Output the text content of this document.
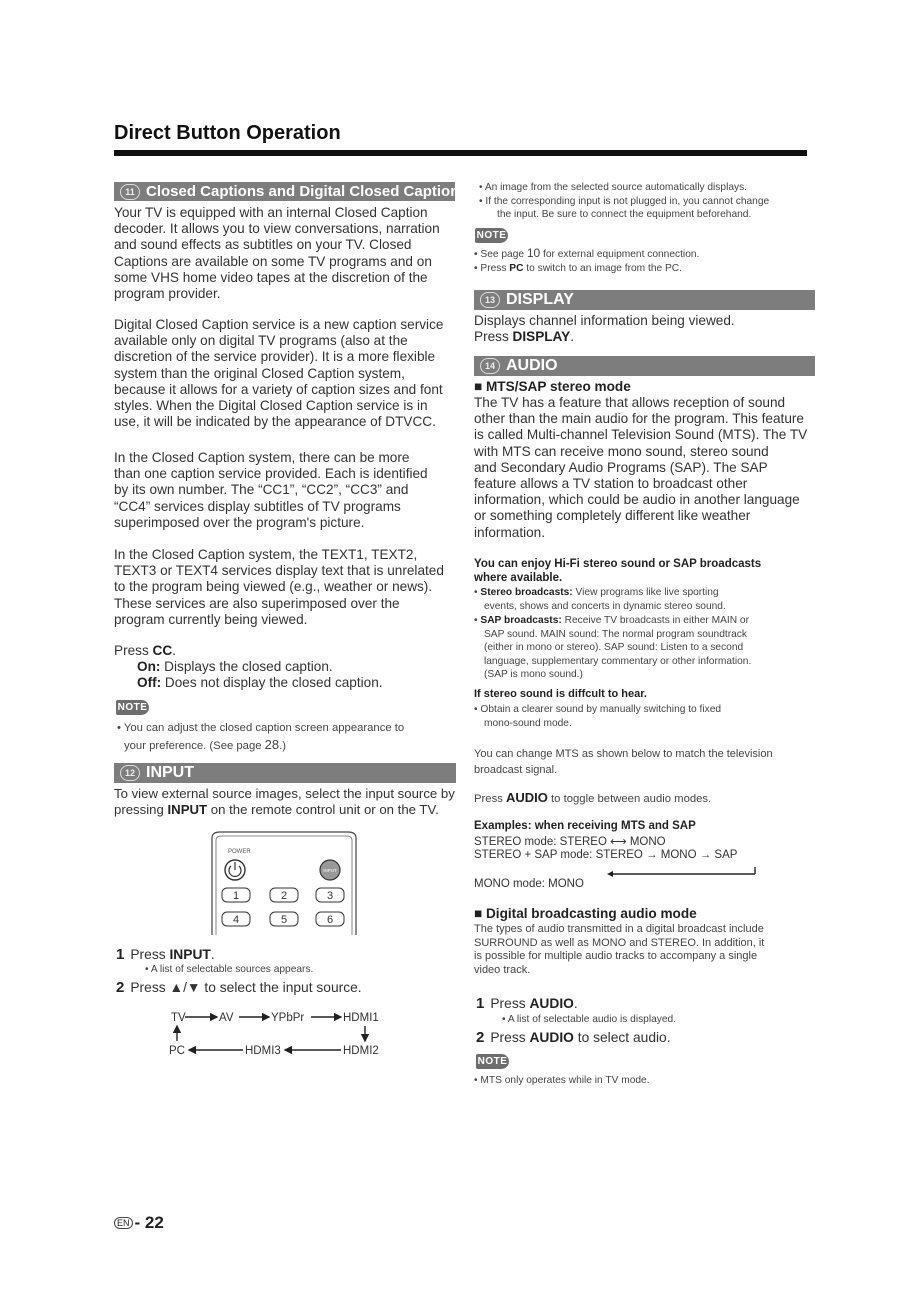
Direct Button Operation
11 Closed Captions and Digital Closed Captions
Your TV is equipped with an internal Closed Caption
decoder. It allows you to view conversations, narration
and sound effects as subtitles on your TV. Closed
Captions are available on some TV programs and on
some VHS home video tapes at the discretion of the
program provider.
Digital Closed Caption service is a new caption service
available only on digital TV programs (also at the
discretion of the service provider). It is a more flexible
system than the original Closed Caption system,
because it allows for a variety of caption sizes and font
styles. When the Digital Closed Caption service is in
use, it will be indicated by the appearance of DTVCC.
In the Closed Caption system, there can be more
than one caption service provided. Each is identified
by its own number. The “CC1”, “CC2”, “CC3” and
“CC4” services display subtitles of TV programs
superimposed over the program's picture.
In the Closed Caption system, the TEXT1, TEXT2,
TEXT3 or TEXT4 services display text that is unrelated
to the program being viewed (e.g., weather or news).
These services are also superimposed over the
program currently being viewed.
Press CC.
On: Displays the closed caption.
Off: Does not display the closed caption.
NOTE
• You can adjust the closed caption screen appearance to
your preference. (See page 28.)
12 INPUT
To view external source images, select the input source by
pressing INPUT on the remote control unit or on the TV.
POWER
INPUT
1	2	3
4	5	6
1 Press INPUT.
• A list of selectable sources appears.
2 Press ▲/▼ to select the input source.
TV	AV	YPbPr	HDMI1
PC	HDMI3	HDMI2
• An image from the selected source automatically displays.
• If the corresponding input is not plugged in, you cannot change
the input. Be sure to connect the equipment beforehand.
NOTE
• See page 10 for external equipment connection.
• Press PC to switch to an image from the PC.
13 DISPLAY
Displays channel information being viewed.
Press DISPLAY.
14 AUDIO
■ MTS/SAP stereo mode
The TV has a feature that allows reception of sound
other than the main audio for the program. This feature
is called Multi-channel Television Sound (MTS). The TV
with MTS can receive mono sound, stereo sound
and Secondary Audio Programs (SAP). The SAP
feature allows a TV station to broadcast other
information, which could be audio in another language
or something completely different like weather
information.
You can enjoy Hi-Fi stereo sound or SAP broadcasts
where available.
• Stereo broadcasts: View programs like live sporting
events, shows and concerts in dynamic stereo sound.
• SAP broadcasts: Receive TV broadcasts in either MAIN or
SAP sound. MAIN sound: The normal program soundtrack
(either in mono or stereo). SAP sound: Listen to a second
language, supplementary commentary or other information.
(SAP is mono sound.)
If stereo sound is diffcult to hear.
• Obtain a clearer sound by manually switching to fixed
mono-sound mode.
You can change MTS as shown below to match the television
broadcast signal.
Press AUDIO to toggle between audio modes.
Examples: when receiving MTS and SAP
STEREO mode: STEREO ⟷ MONO
STEREO + SAP mode: STEREO → MONO → SAP
MONO mode: MONO
■ Digital broadcasting audio mode
The types of audio transmitted in a digital broadcast include
SURROUND as well as MONO and STEREO. In addition, it
is possible for multiple audio tracks to accompany a single
video track.
1 Press AUDIO.
• A list of selectable audio is displayed.
2 Press AUDIO to select audio.
NOTE
• MTS only operates while in TV mode.
EN - 22
